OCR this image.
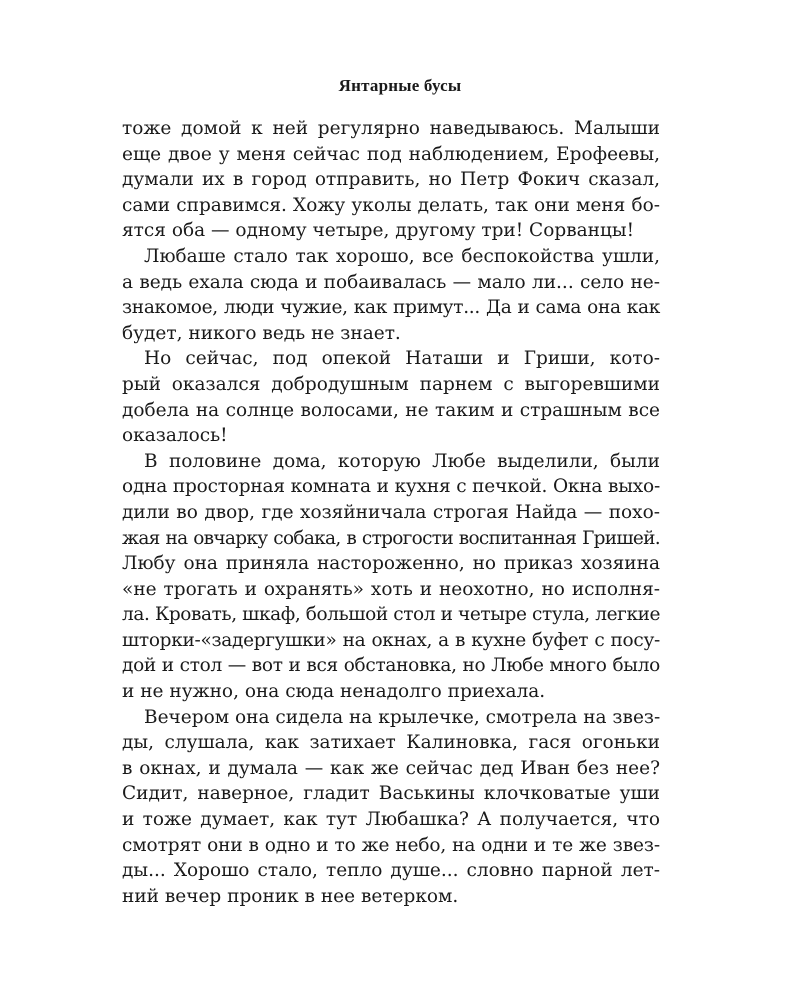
Янтарные бусы
тоже домой к ней регулярно наведываюсь. Малыши
еще двое у меня сейчас под наблюдением, Ерофеевы,
думали их в город отправить, но Петр Фокич сказал,
сами справимся. Хожу уколы делать, так они меня бо-
ятся оба — одному четыре, другому три! Сорванцы!
Любаше стало так хорошо, все беспокойства ушли,
а ведь ехала сюда и побаивалась — мало ли... село не-
знакомое, люди чужие, как примут... Да и сама она как
будет, никого ведь не знает.
Но сейчас, под опекой Наташи и Гриши, кото-
рый оказался добродушным парнем с выгоревшими
добела на солнце волосами, не таким и страшным все
оказалось!
В половине дома, которую Любе выделили, были
одна просторная комната и кухня с печкой. Окна выхо-
дили во двор, где хозяйничала строгая Найда — похо-
жая на овчарку собака, в строгости воспитанная Гришей.
Любу она приняла настороженно, но приказ хозяина
«не трогать и охранять» хоть и неохотно, но исполня-
ла. Кровать, шкаф, большой стол и четыре стула, легкие
шторки-«задергушки» на окнах, а в кухне буфет с посу-
дой и стол — вот и вся обстановка, но Любе много было
и не нужно, она сюда ненадолго приехала.
Вечером она сидела на крылечке, смотрела на звез-
ды, слушала, как затихает Калиновка, гася огоньки
в окнах, и думала — как же сейчас дед Иван без нее?
Сидит, наверное, гладит Васькины клочковатые уши
и тоже думает, как тут Любашка? А получается, что
смотрят они в одно и то же небо, на одни и те же звез-
ды... Хорошо стало, тепло душе... словно парной лет-
ний вечер проник в нее ветерком.
